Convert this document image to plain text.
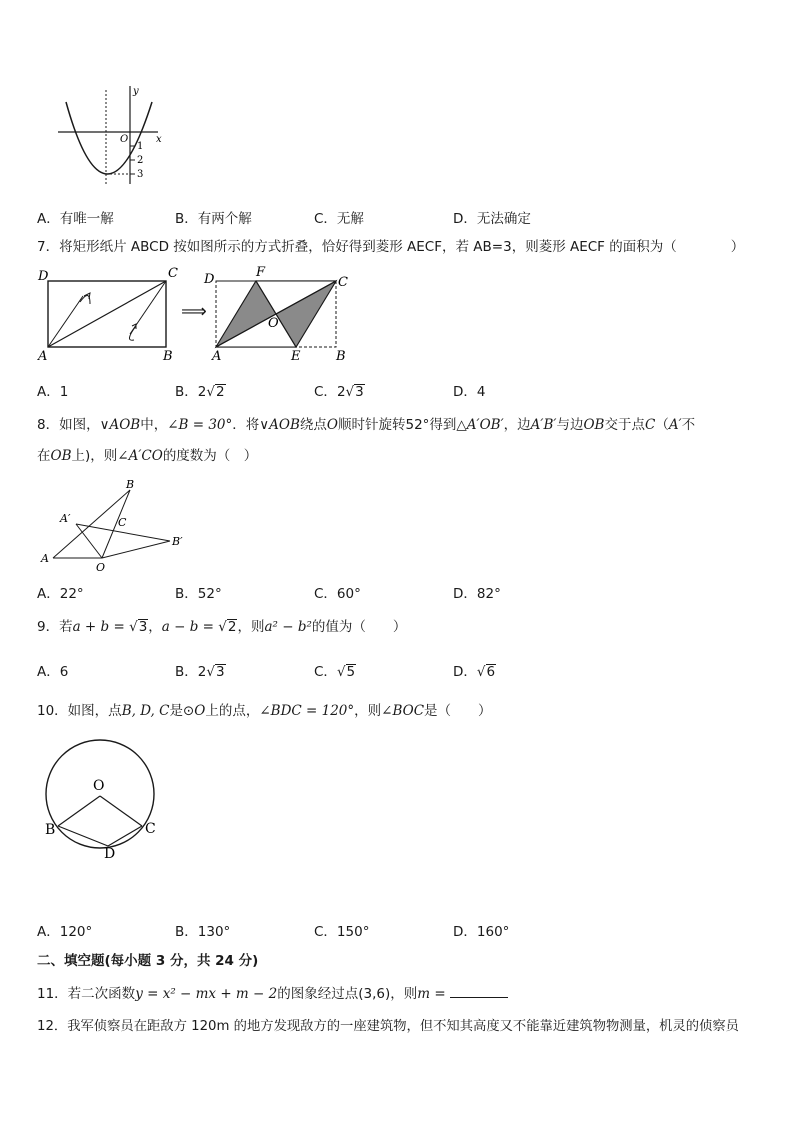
y
x
O
1
2
3
A．有唯一解	B．有两个解	C．无解	D．无法确定
7．将矩形纸片 ABCD 按如图所示的方式折叠，恰好得到菱形 AECF，若 AB=3，则菱形 AECF 的面积为（　　　　）
D	C
A	B
⟹
D	F
C
O
A	E	B
A．1	B．2√2	C．2√3	D．4
8．如图，∨AOB中，∠B = 30°．将∨AOB绕点O顺时针旋转52°得到△A′OB′，边A′B′与边OB交于点C（A′不
在OB上)，则∠A′CO的度数为（　）
B
A′	C
B′
A
O
A．22°	B．52°	C．60°	D．82°
9．若a + b = √3，a − b = √2，则a² − b²的值为（　　）
A．6	B．2√3	C．√5	D．√6
10．如图，点B, D, C是⊙O上的点，∠BDC = 120°，则∠BOC是（　　）
O
B	C
D
A．120°	B．130°	C．150°	D．160°
二、填空题(每小题 3 分，共 24 分)
11．若二次函数y = x² − mx + m − 2的图象经过点(3,6)，则m =
12．我军侦察员在距敌方 120m 的地方发现敌方的一座建筑物，但不知其高度又不能靠近建筑物物测量，机灵的侦察员
